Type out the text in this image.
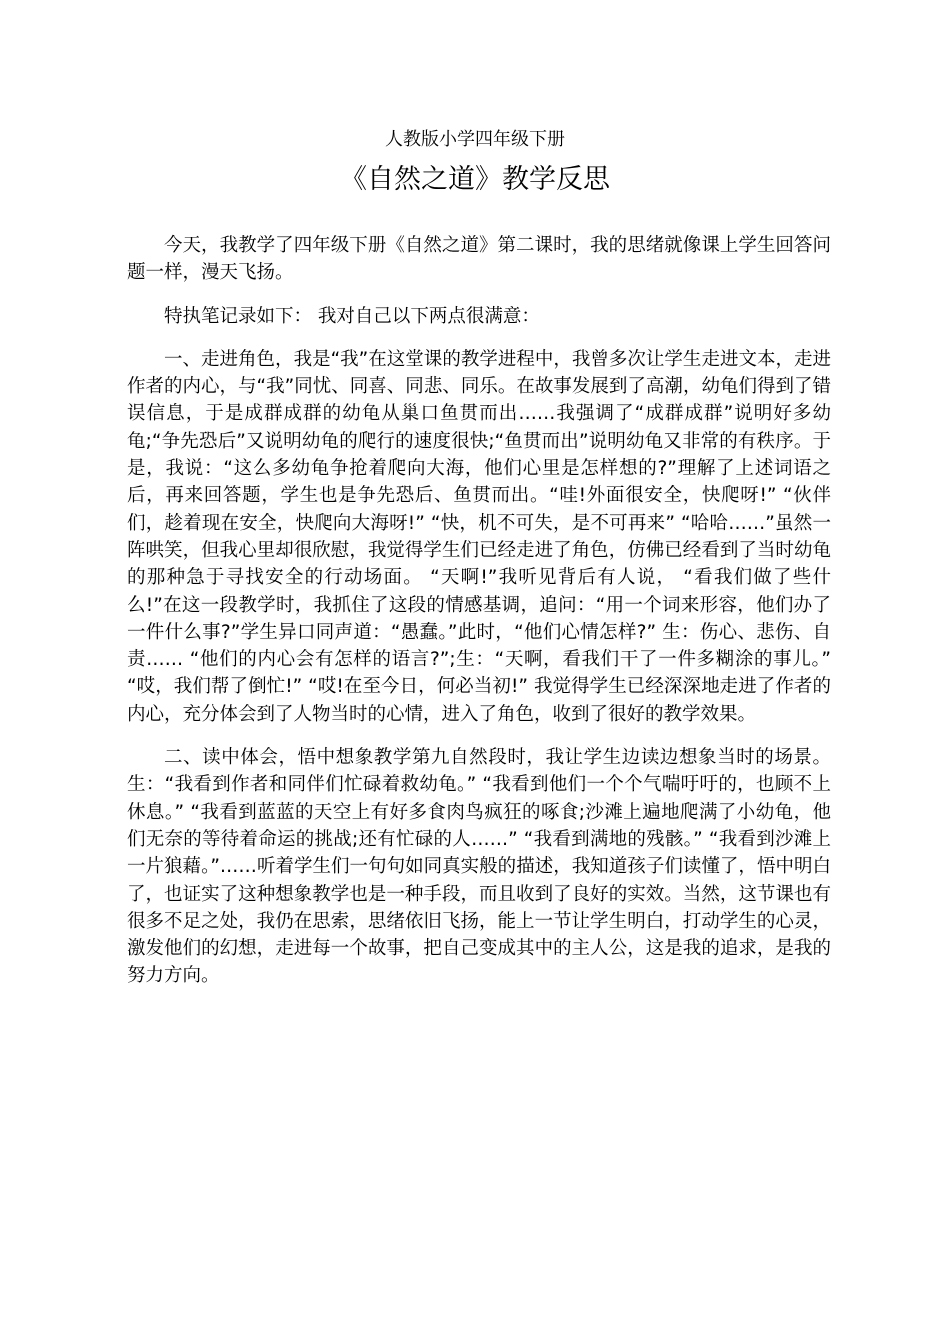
人教版小学四年级下册
《自然之道》教学反思

今天，我教学了四年级下册《自然之道》第二课时，我的思绪就像课上学生回答问题一样，漫天飞扬。

特执笔记录如下： 我对自己以下两点很满意：

一、走进角色，我是“我”在这堂课的教学进程中，我曾多次让学生走进文本，走进作者的内心，与“我”同忧、同喜、同悲、同乐。在故事发展到了高潮，幼龟们得到了错误信息，于是成群成群的幼龟从巢口鱼贯而出……我强调了“成群成群”说明好多幼龟;“争先恐后”又说明幼龟的爬行的速度很快;“鱼贯而出”说明幼龟又非常的有秩序。于是，我说：“这么多幼龟争抢着爬向大海，他们心里是怎样想的?”理解了上述词语之后，再来回答题，学生也是争先恐后、鱼贯而出。“哇!外面很安全，快爬呀!” “伙伴们，趁着现在安全，快爬向大海呀!” “快，机不可失，是不可再来” “哈哈……”虽然一阵哄笑，但我心里却很欣慰，我觉得学生们已经走进了角色，仿佛已经看到了当时幼龟的那种急于寻找安全的行动场面。 “天啊!”我听见背后有人说， “看我们做了些什么!”在这一段教学时，我抓住了这段的情感基调，追问：“用一个词来形容，他们办了一件什么事?”学生异口同声道：“愚蠢。”此时，“他们心情怎样?” 生：伤心、悲伤、自责…… “他们的内心会有怎样的语言?”;生：“天啊，看我们干了一件多糊涂的事儿。” “哎，我们帮了倒忙!” “哎!在至今日，何必当初!” 我觉得学生已经深深地走进了作者的内心，充分体会到了人物当时的心情，进入了角色，收到了很好的教学效果。

二、读中体会，悟中想象教学第九自然段时，我让学生边读边想象当时的场景。生：“我看到作者和同伴们忙碌着救幼龟。” “我看到他们一个个气喘吁吁的，也顾不上休息。” “我看到蓝蓝的天空上有好多食肉鸟疯狂的啄食;沙滩上遍地爬满了小幼龟，他们无奈的等待着命运的挑战;还有忙碌的人……” “我看到满地的残骸。” “我看到沙滩上一片狼藉。”……听着学生们一句句如同真实般的描述，我知道孩子们读懂了，悟中明白了，也证实了这种想象教学也是一种手段，而且收到了良好的实效。当然，这节课也有很多不足之处，我仍在思索，思绪依旧飞扬，能上一节让学生明白，打动学生的心灵，激发他们的幻想，走进每一个故事，把自己变成其中的主人公，这是我的追求，是我的努力方向。
